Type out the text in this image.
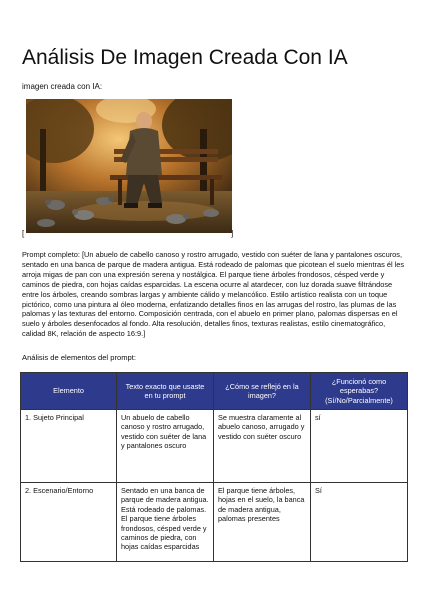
Análisis De Imagen Creada Con IA
imagen creada con IA:
[	]
Prompt completo: [Un abuelo de cabello canoso y rostro arrugado, vestido con suéter de lana y pantalones oscuros, sentado en una banca de parque de madera antigua. Está rodeado de palomas que picotean el suelo mientras él les arroja migas de pan con una expresión serena y nostálgica. El parque tiene árboles frondosos, césped verde y caminos de piedra, con hojas caídas esparcidas. La escena ocurre al atardecer, con luz dorada suave filtrándose entre los árboles, creando sombras largas y ambiente cálido y melancólico. Estilo artístico realista con un toque pictórico, como una pintura al óleo moderna, enfatizando detalles finos en las arrugas del rostro, las plumas de las palomas y las texturas del entorno. Composición centrada, con el abuelo en primer plano, palomas dispersas en el suelo y árboles desenfocados al fondo. Alta resolución, detalles finos, texturas realistas, estilo cinematográfico, calidad 8K, relación de aspecto 16:9.]
Análisis de elementos del prompt:
Elemento	Texto exacto que usaste en tu prompt	¿Cómo se reflejó en la imagen?	¿Funcionó como esperabas? (Sí/No/Parcialmente)
1. Sujeto Principal	Un abuelo de cabello canoso y rostro arrugado, vestido con suéter de lana y pantalones oscuro	Se muestra claramente al abuelo canoso, arrugado y vestido con suéter oscuro	sí
2. Escenario/Entorno	Sentado en una banca de parque de madera antigua. Está rodeado de palomas. El parque tiene árboles frondosos, césped verde y caminos de piedra, con hojas caídas esparcidas	El parque tiene árboles, hojas en el suelo, la banca de madera antigua, palomas presentes	Sí
